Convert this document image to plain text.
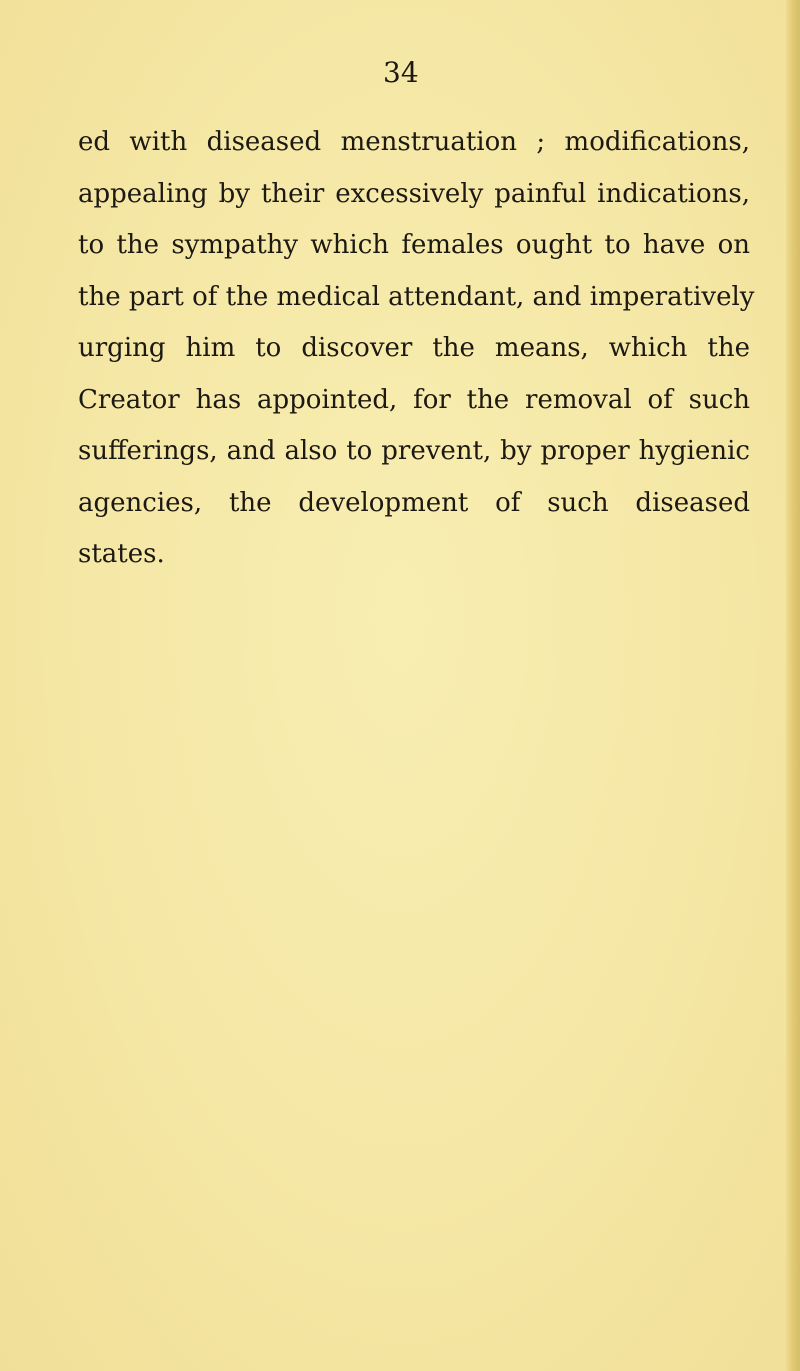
34
ed with diseased menstruation ; modifications,
appealing by their excessively painful indications,
to the sympathy which females ought to have on
the part of the medical attendant, and imperatively
urging him to discover the means, which the
Creator has appointed, for the removal of such
sufferings, and also to prevent, by proper hygienic
agencies, the development of such diseased
states.
